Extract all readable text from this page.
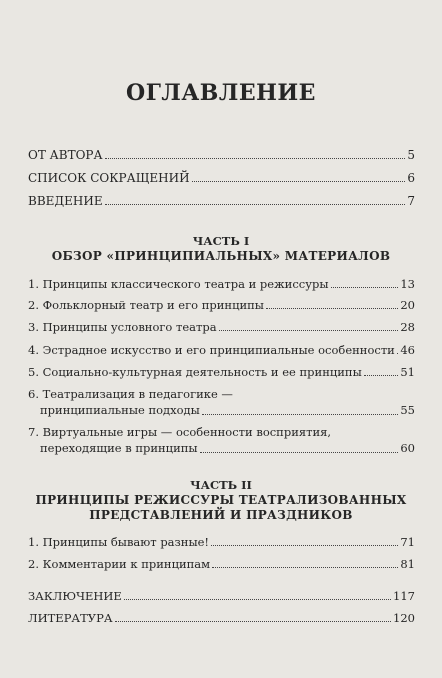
ОГЛАВЛЕНИЕ
ОТ АВТОРА	5
СПИСОК СОКРАЩЕНИЙ	6
ВВЕДЕНИЕ	7
ЧАСТЬ I
ОБЗОР «ПРИНЦИПИАЛЬНЫХ» МАТЕРИАЛОВ
1. Принципы классического театра и режиссуры	13
2. Фольклорный театр и его принципы	20
3. Принципы условного театра	28
4. Эстрадное искусство и его принципиальные особенности 46
5. Социально-культурная деятельность и ее принципы	51
6. Театрализация в педагогике —
принципиальные подходы	55
7. Виртуальные игры — особенности восприятия,
переходящие в принципы	60
ЧАСТЬ II
ПРИНЦИПЫ РЕЖИССУРЫ ТЕАТРАЛИЗОВАННЫХ
ПРЕДСТАВЛЕНИЙ И ПРАЗДНИКОВ
1. Принципы бывают разные!	71
2. Комментарии к принципам	81
ЗАКЛЮЧЕНИЕ	117
ЛИТЕРАТУРА	120
